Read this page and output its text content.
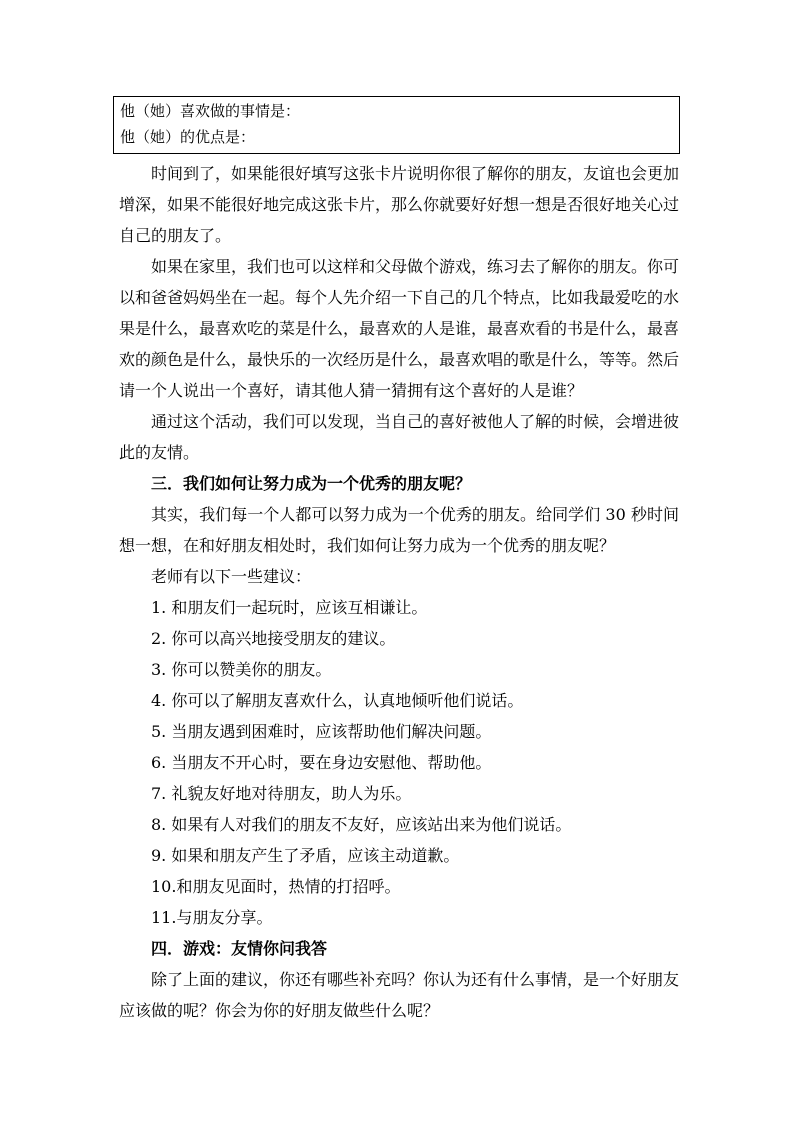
他（她）喜欢做的事情是：
他（她）的优点是：

时间到了，如果能很好填写这张卡片说明你很了解你的朋友，友谊也会更加增深，如果不能很好地完成这张卡片，那么你就要好好想一想是否很好地关心过自己的朋友了。

如果在家里，我们也可以这样和父母做个游戏，练习去了解你的朋友。你可以和爸爸妈妈坐在一起。每个人先介绍一下自己的几个特点，比如我最爱吃的水果是什么，最喜欢吃的菜是什么，最喜欢的人是谁，最喜欢看的书是什么，最喜欢的颜色是什么，最快乐的一次经历是什么，最喜欢唱的歌是什么，等等。然后请一个人说出一个喜好，请其他人猜一猜拥有这个喜好的人是谁？

通过这个活动，我们可以发现，当自己的喜好被他人了解的时候，会增进彼此的友情。

三．我们如何让努力成为一个优秀的朋友呢？

其实，我们每一个人都可以努力成为一个优秀的朋友。给同学们 30 秒时间想一想，在和好朋友相处时，我们如何让努力成为一个优秀的朋友呢？

老师有以下一些建议：

1. 和朋友们一起玩时，应该互相谦让。
2. 你可以高兴地接受朋友的建议。
3. 你可以赞美你的朋友。
4. 你可以了解朋友喜欢什么，认真地倾听他们说话。
5. 当朋友遇到困难时，应该帮助他们解决问题。
6. 当朋友不开心时，要在身边安慰他、帮助他。
7. 礼貌友好地对待朋友，助人为乐。
8. 如果有人对我们的朋友不友好，应该站出来为他们说话。
9. 如果和朋友产生了矛盾，应该主动道歉。
10.和朋友见面时，热情的打招呼。
11.与朋友分享。

四．游戏：友情你问我答

除了上面的建议，你还有哪些补充吗？你认为还有什么事情，是一个好朋友应该做的呢？你会为你的好朋友做些什么呢？
